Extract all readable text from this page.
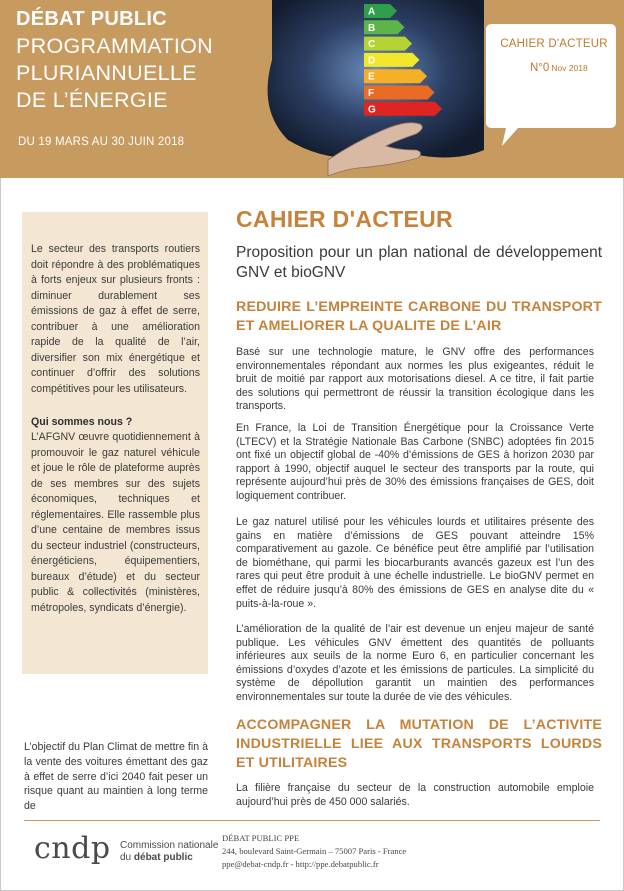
DÉBAT PUBLIC
PROGRAMMATION
PLURIANNUELLE
DE L’ÉNERGIE
DU 19 MARS AU 30 JUIN 2018
A
B
C
D
E
F
G
CAHIER D'ACTEUR
N°0 Nov 2018

Le secteur des transports routiers doit répondre à des problématiques à forts enjeux sur plusieurs fronts : diminuer durablement ses émissions de gaz à effet de serre, contribuer à une amélioration rapide de la qualité de l’air, diversifier son mix énergétique et continuer d’offrir des solutions compétitives pour les utilisateurs.

Qui sommes nous ?

L’AFGNV œuvre quotidiennement à promouvoir le gaz naturel véhicule et joue le rôle de plateforme auprès de ses membres sur des sujets économiques, techniques et réglementaires. Elle rassemble plus d’une centaine de membres issus du secteur industriel (constructeurs, énergéticiens, équipementiers, bureaux d’étude) et du secteur public & collectivités (ministères, métropoles, syndicats d’énergie).

L’objectif du Plan Climat de mettre fin à la vente des voitures émettant des gaz à effet de serre d’ici 2040 fait peser un risque quant au maintien à long terme de
CAHIER D'ACTEUR
Proposition pour un plan national de développement GNV et bioGNV
REDUIRE L’EMPREINTE CARBONE DU TRANSPORT ET AMELIORER LA QUALITE DE L’AIR
Basé sur une technologie mature, le GNV offre des performances environnementales répondant aux normes les plus exigeantes, réduit le bruit de moitié par rapport aux motorisations diesel. A ce titre, il fait partie des solutions qui permettront de réussir la transition écologique dans les transports.
En France, la Loi de Transition Énergétique pour la Croissance Verte (LTECV) et la Stratégie Nationale Bas Carbone (SNBC) adoptées fin 2015 ont fixé un objectif global de -40% d’émissions de GES à horizon 2030 par rapport à 1990, objectif auquel le secteur des transports par la route, qui représente aujourd’hui près de 30% des émissions françaises de GES, doit logiquement contribuer.
Le gaz naturel utilisé pour les véhicules lourds et utilitaires présente des gains en matière d’émissions de GES pouvant atteindre 15% comparativement au gazole. Ce bénéfice peut être amplifié par l’utilisation de biométhane, qui parmi les biocarburants avancés gazeux est l’un des rares qui peut être produit à une échelle industrielle. Le bioGNV permet en effet de réduire jusqu’à 80% des émissions de GES en analyse dite du « puits-à-la-roue ».
L’amélioration de la qualité de l’air est devenue un enjeu majeur de santé publique. Les véhicules GNV émettent des quantités de polluants inférieures aux seuils de la norme Euro 6, en particulier concernant les émissions d’oxydes d’azote et les émissions de particules. La simplicité du système de dépollution garantit un maintien des performances environnementales sur toute la durée de vie des véhicules.
ACCOMPAGNER LA MUTATION DE L’ACTIVITE INDUSTRIELLE LIEE AUX TRANSPORTS LOURDS ET UTILITAIRES
La filière française du secteur de la construction automobile emploie aujourd’hui près de 450 000 salariés.
cndp Commission nationale
du débat public
DÉBAT PUBLIC PPE
244, boulevard Saint-Germain – 75007 Paris - France
ppe@debat-cndp.fr - http://ppe.debatpublic.fr
